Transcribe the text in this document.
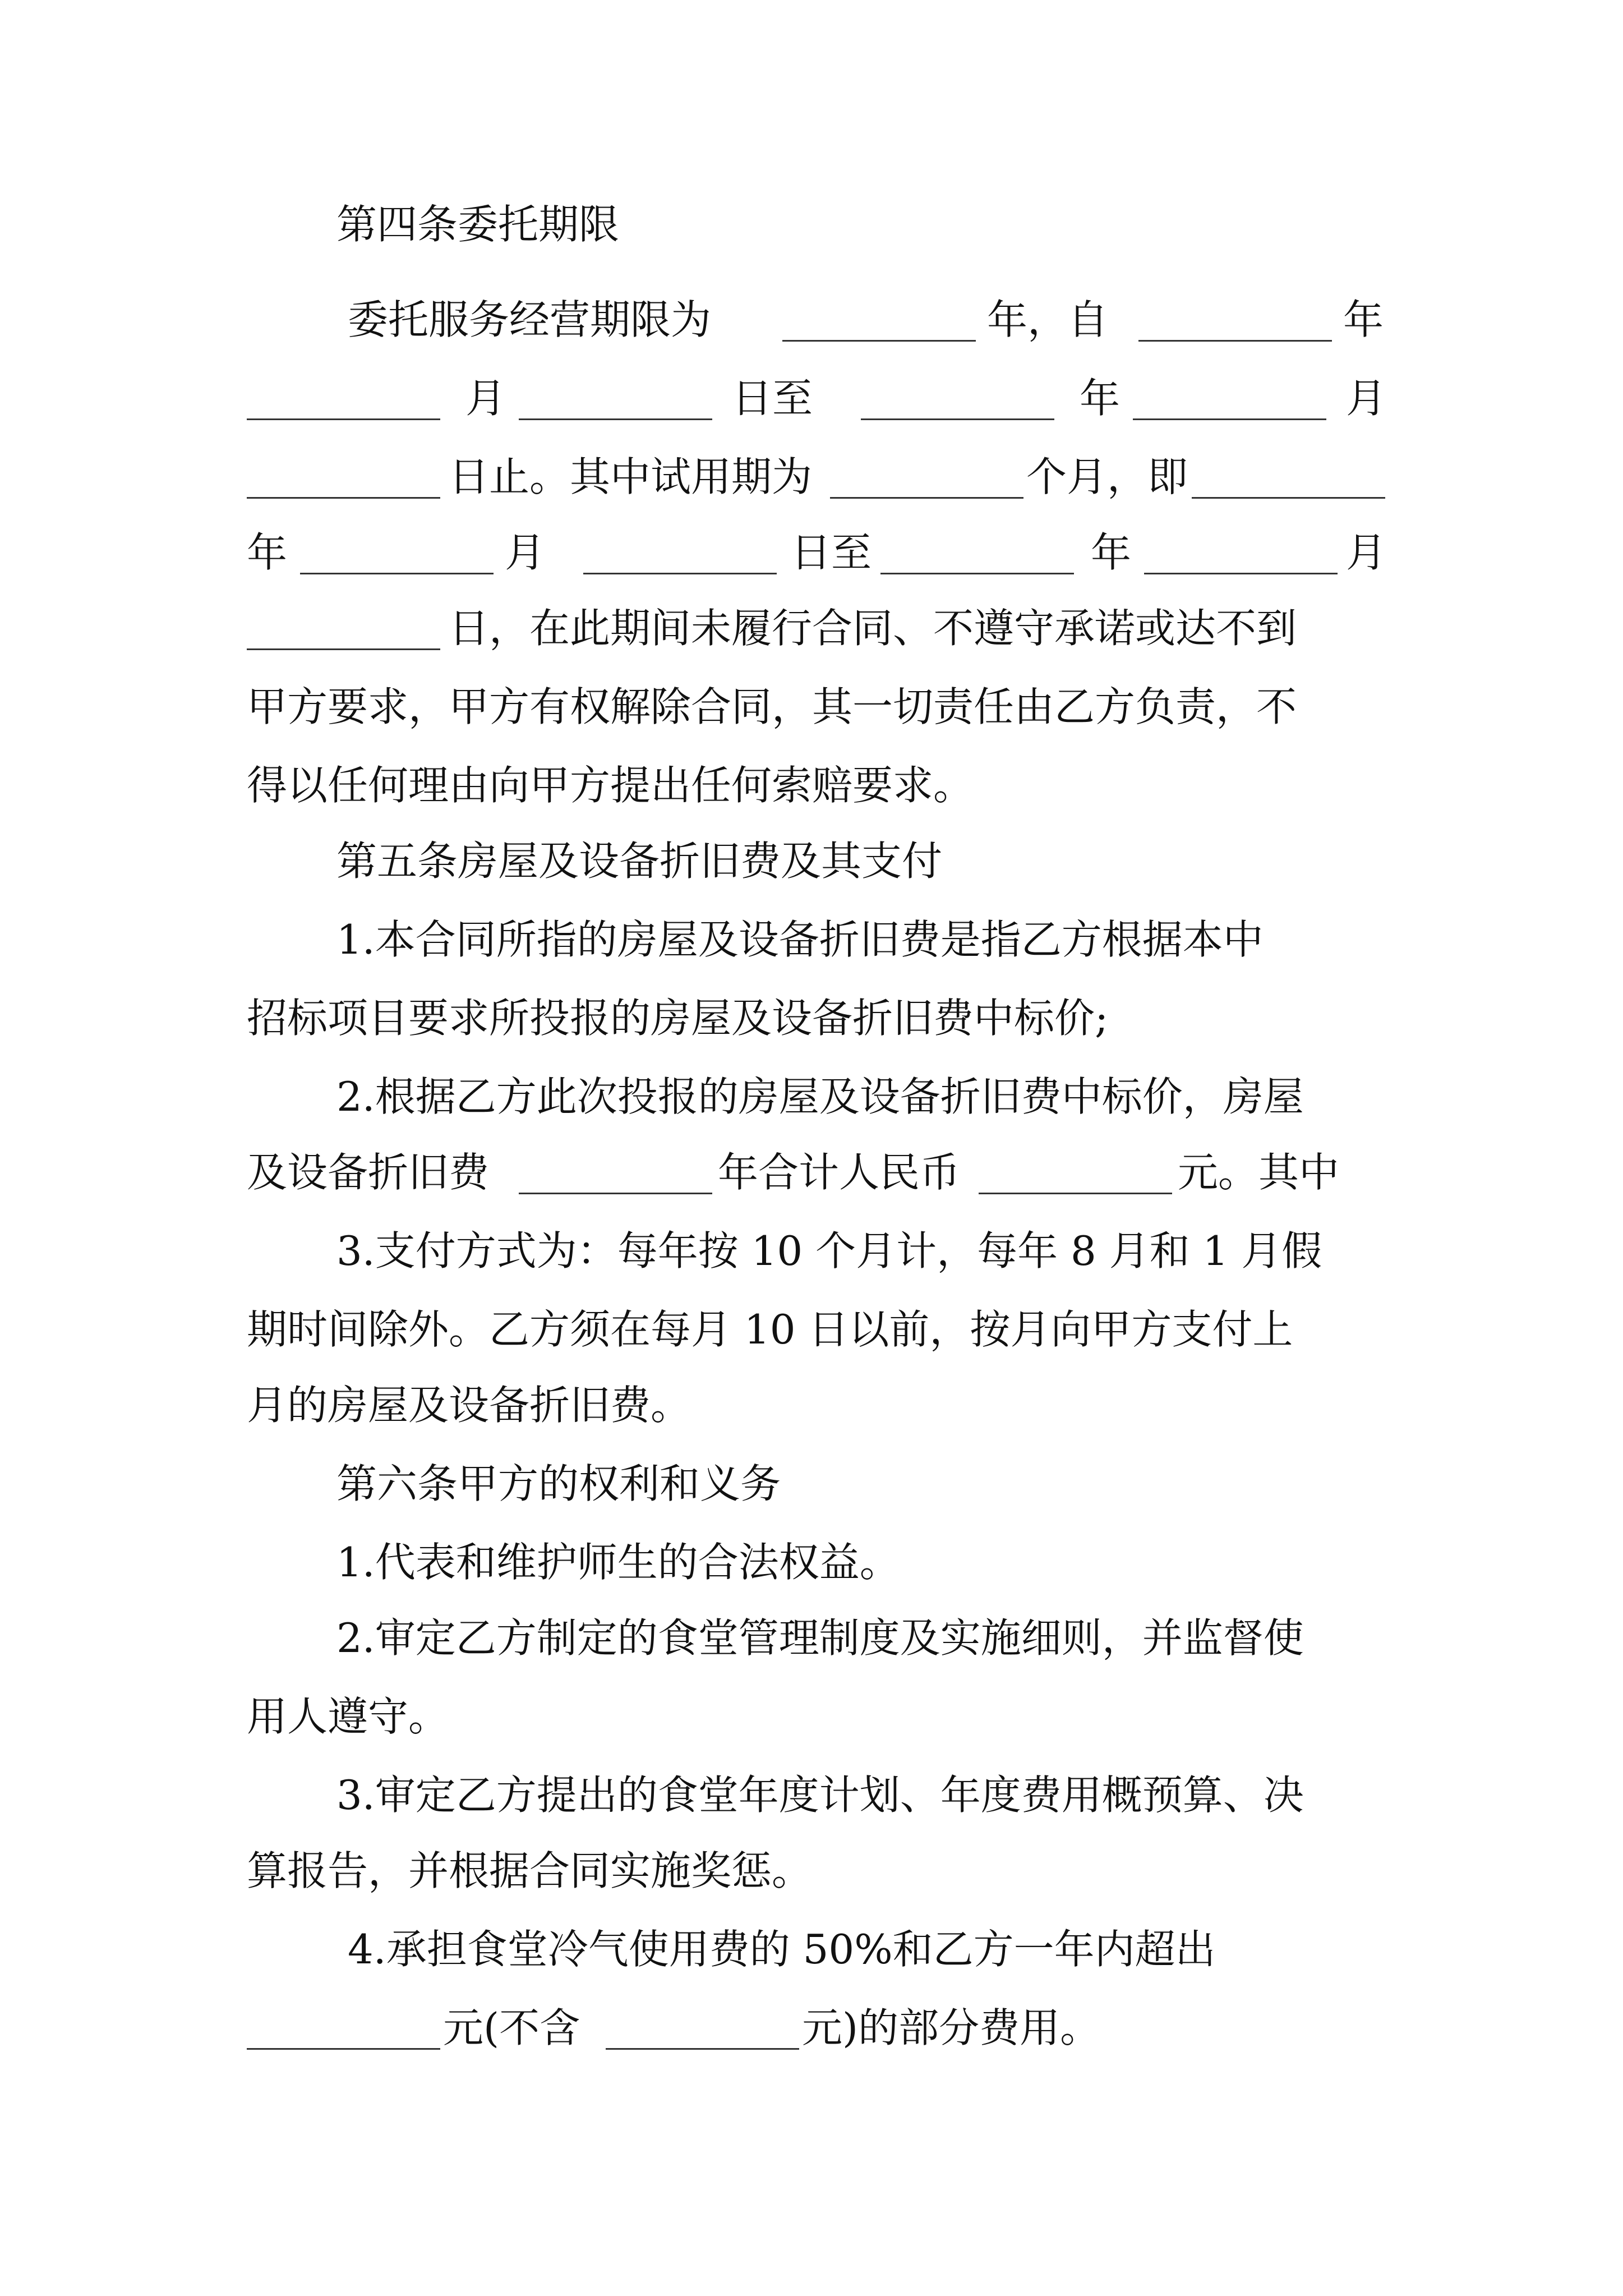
第四条委托期限
委托服务经营期限为	年，自	年
月	日至	年	月
日止。其中试用期为	个月，即
年	月	日至	年	月
日，在此期间未履行合同、不遵守承诺或达不到
甲方要求，甲方有权解除合同，其一切责任由乙方负责，不
得以任何理由向甲方提出任何索赔要求。
第五条房屋及设备折旧费及其支付
1.本合同所指的房屋及设备折旧费是指乙方根据本中
招标项目要求所投报的房屋及设备折旧费中标价;
2.根据乙方此次投报的房屋及设备折旧费中标价，房屋
及设备折旧费	年合计人民币	元。其中
3.支付方式为：每年按 10 个月计，每年 8 月和 1 月假
期时间除外。乙方须在每月 10 日以前，按月向甲方支付上
月的房屋及设备折旧费。
第六条甲方的权利和义务
1.代表和维护师生的合法权益。
2.审定乙方制定的食堂管理制度及实施细则，并监督使
用人遵守。
3.审定乙方提出的食堂年度计划、年度费用概预算、决
算报告，并根据合同实施奖惩。
4.承担食堂冷气使用费的 50%和乙方一年内超出
元(不含	元)的部分费用。
